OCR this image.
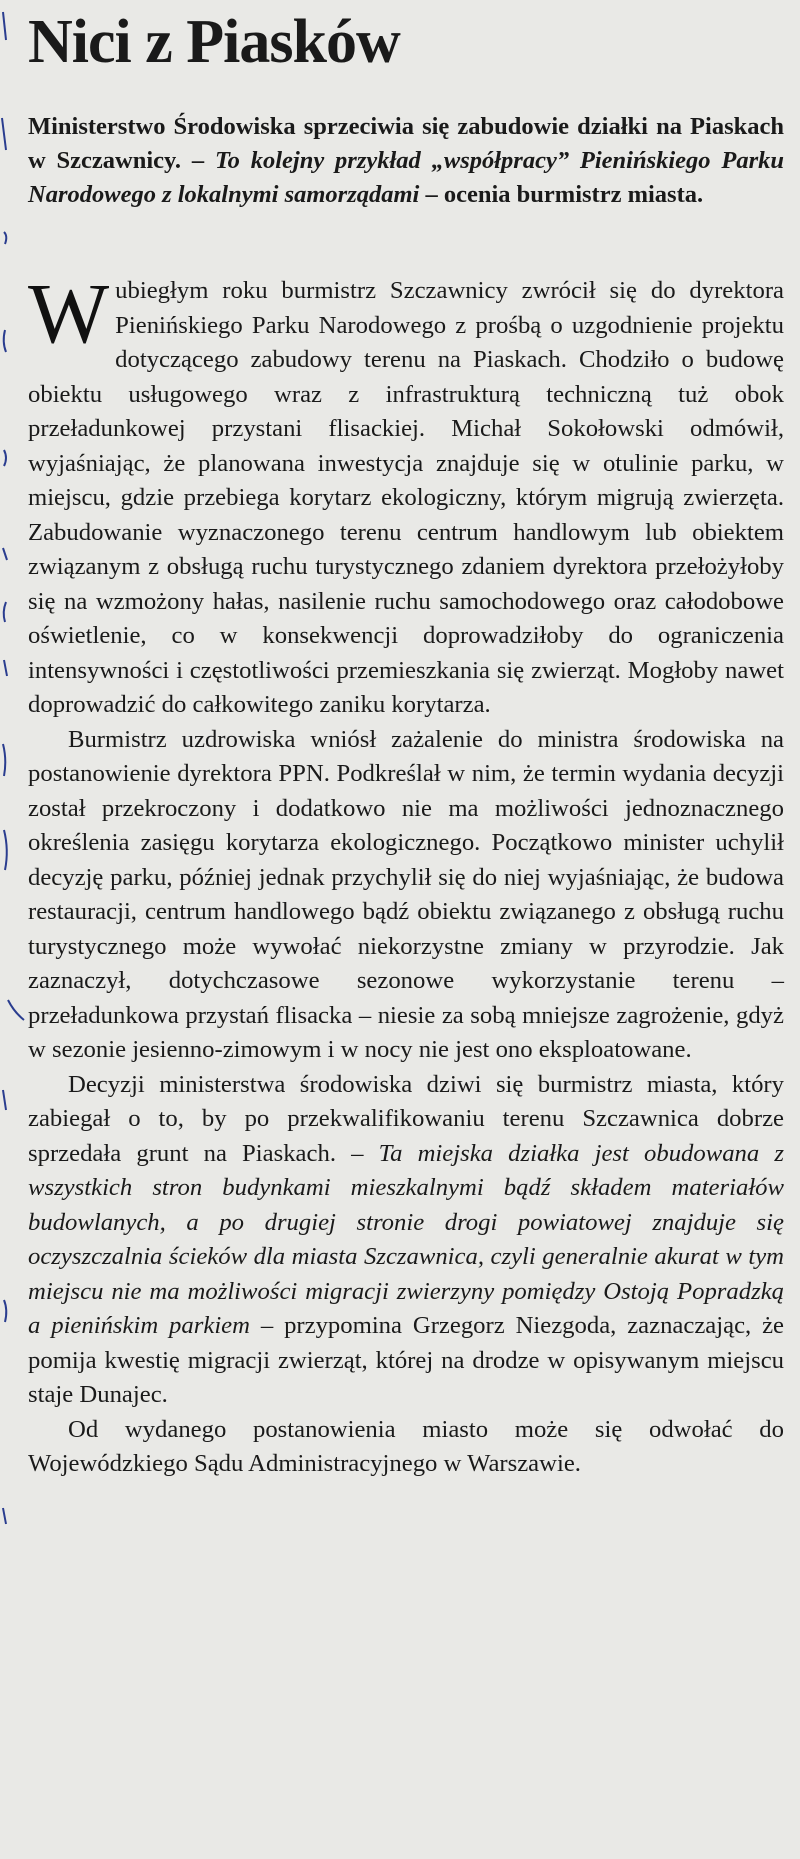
Nici z Piasków
Ministerstwo Środowiska sprzeciwia się zabudowie działki na Piaskach w Szczawnicy. – To kolejny przykład „współpracy” Pienińskiego Parku Narodowego z lokalnymi samorządami – ocenia burmistrz miasta.

Wubiegłym roku burmistrz Szczawnicy zwrócił się do dyrektora Pienińskiego Parku Narodowego z prośbą o uzgodnienie projektu dotyczącego zabudowy terenu na Piaskach. Chodziło o budowę obiektu usługowego wraz z infrastrukturą techniczną tuż obok przeładunkowej przystani flisackiej. Michał Sokołowski odmówił, wyjaśniając, że planowana inwestycja znajduje się w otulinie parku, w miejscu, gdzie przebiega korytarz ekologiczny, którym migrują zwierzęta. Zabudowanie wyznaczonego terenu centrum handlowym lub obiektem związanym z obsługą ruchu turystycznego zdaniem dyrektora przełożyłoby się na wzmożony hałas, nasilenie ruchu samochodowego oraz całodobowe oświetlenie, co w konsekwencji doprowadziłoby do ograniczenia intensywności i częstotliwości przemieszkania się zwierząt. Mogłoby nawet doprowadzić do całkowitego zaniku korytarza.

Burmistrz uzdrowiska wniósł zażalenie do ministra środowiska na postanowienie dyrektora PPN. Podkreślał w nim, że termin wydania decyzji został przekroczony i dodatkowo nie ma możliwości jednoznacznego określenia zasięgu korytarza ekologicznego. Początkowo minister uchylił decyzję parku, później jednak przychylił się do niej wyjaśniając, że budowa restauracji, centrum handlowego bądź obiektu związanego z obsługą ruchu turystycznego może wywołać niekorzystne zmiany w przyrodzie. Jak zaznaczył, dotychczasowe sezonowe wykorzystanie terenu – przeładunkowa przystań flisacka – niesie za sobą mniejsze zagrożenie, gdyż w sezonie jesienno-zimowym i w nocy nie jest ono eksploatowane.

Decyzji ministerstwa środowiska dziwi się burmistrz miasta, który zabiegał o to, by po przekwalifikowaniu terenu Szczawnica dobrze sprzedała grunt na Piaskach. – Ta miejska działka jest obudowana z wszystkich stron budynkami mieszkalnymi bądź składem materiałów budowlanych, a po drugiej stronie drogi powiatowej znajduje się oczyszczalnia ścieków dla miasta Szczawnica, czyli generalnie akurat w tym miejscu nie ma możliwości migracji zwierzyny pomiędzy Ostoją Popradzką a pienińskim parkiem – przypomina Grzegorz Niezgoda, zaznaczając, że pomija kwestię migracji zwierząt, której na drodze w opisywanym miejscu staje Dunajec.

Od wydanego postanowienia miasto może się odwołać do Wojewódzkiego Sądu Administracyjnego w Warszawie.
